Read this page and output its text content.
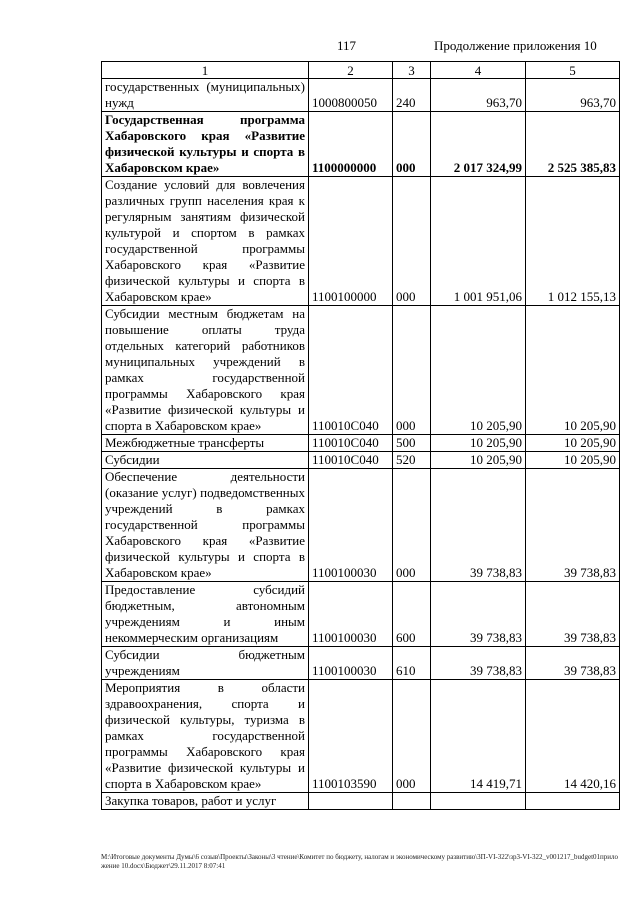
117	Продолжение приложения 10
1	2	3	4	5
государственных (муниципальных) нужд	1000800050	240	963,70	963,70
Государственная программа Хабаровского края «Развитие физической культуры и спорта в Хабаровском крае»	1100000000	000	2 017 324,99	2 525 385,83
Создание условий для вовлечения различных групп населения края к регулярным занятиям физической культурой и спортом в рамках государственной программы Хабаровского края «Развитие физической культуры и спорта в Хабаровском крае»	1100100000	000	1 001 951,06	1 012 155,13
Субсидии местным бюджетам на повышение оплаты труда отдельных категорий работников муниципальных учреждений в рамках государственной программы Хабаровского края «Развитие физической культуры и спорта в Хабаровском крае»	110010С040	000	10 205,90	10 205,90
Межбюджетные трансферты	110010С040	500	10 205,90	10 205,90
Субсидии	110010С040	520	10 205,90	10 205,90
Обеспечение деятельности (оказание услуг) подведомственных учреждений в рамках государственной программы Хабаровского края «Развитие физической культуры и спорта в Хабаровском крае»	1100100030	000	39 738,83	39 738,83
Предоставление субсидий бюджетным, автономным учреждениям и иным некоммерческим организациям	1100100030	600	39 738,83	39 738,83
Субсидии бюджетным учреждениям	1100100030	610	39 738,83	39 738,83
Мероприятия в области здравоохранения, спорта и физической культуры, туризма в рамках государственной программы Хабаровского края «Развитие физической культуры и спорта в Хабаровском крае»	1100103590	000	14 419,71	14 420,16
Закупка товаров, работ и услуг				
M:\Итоговые документы Думы\6 созыв\Проекты\Законы\3 чтение\Комитет по бюджету, налогам и экономическому развитию\3П-VI-322\зр3-VI-322_v001217_budget01приложение 10.docx\Бюджет\29.11.2017 8:07:41
